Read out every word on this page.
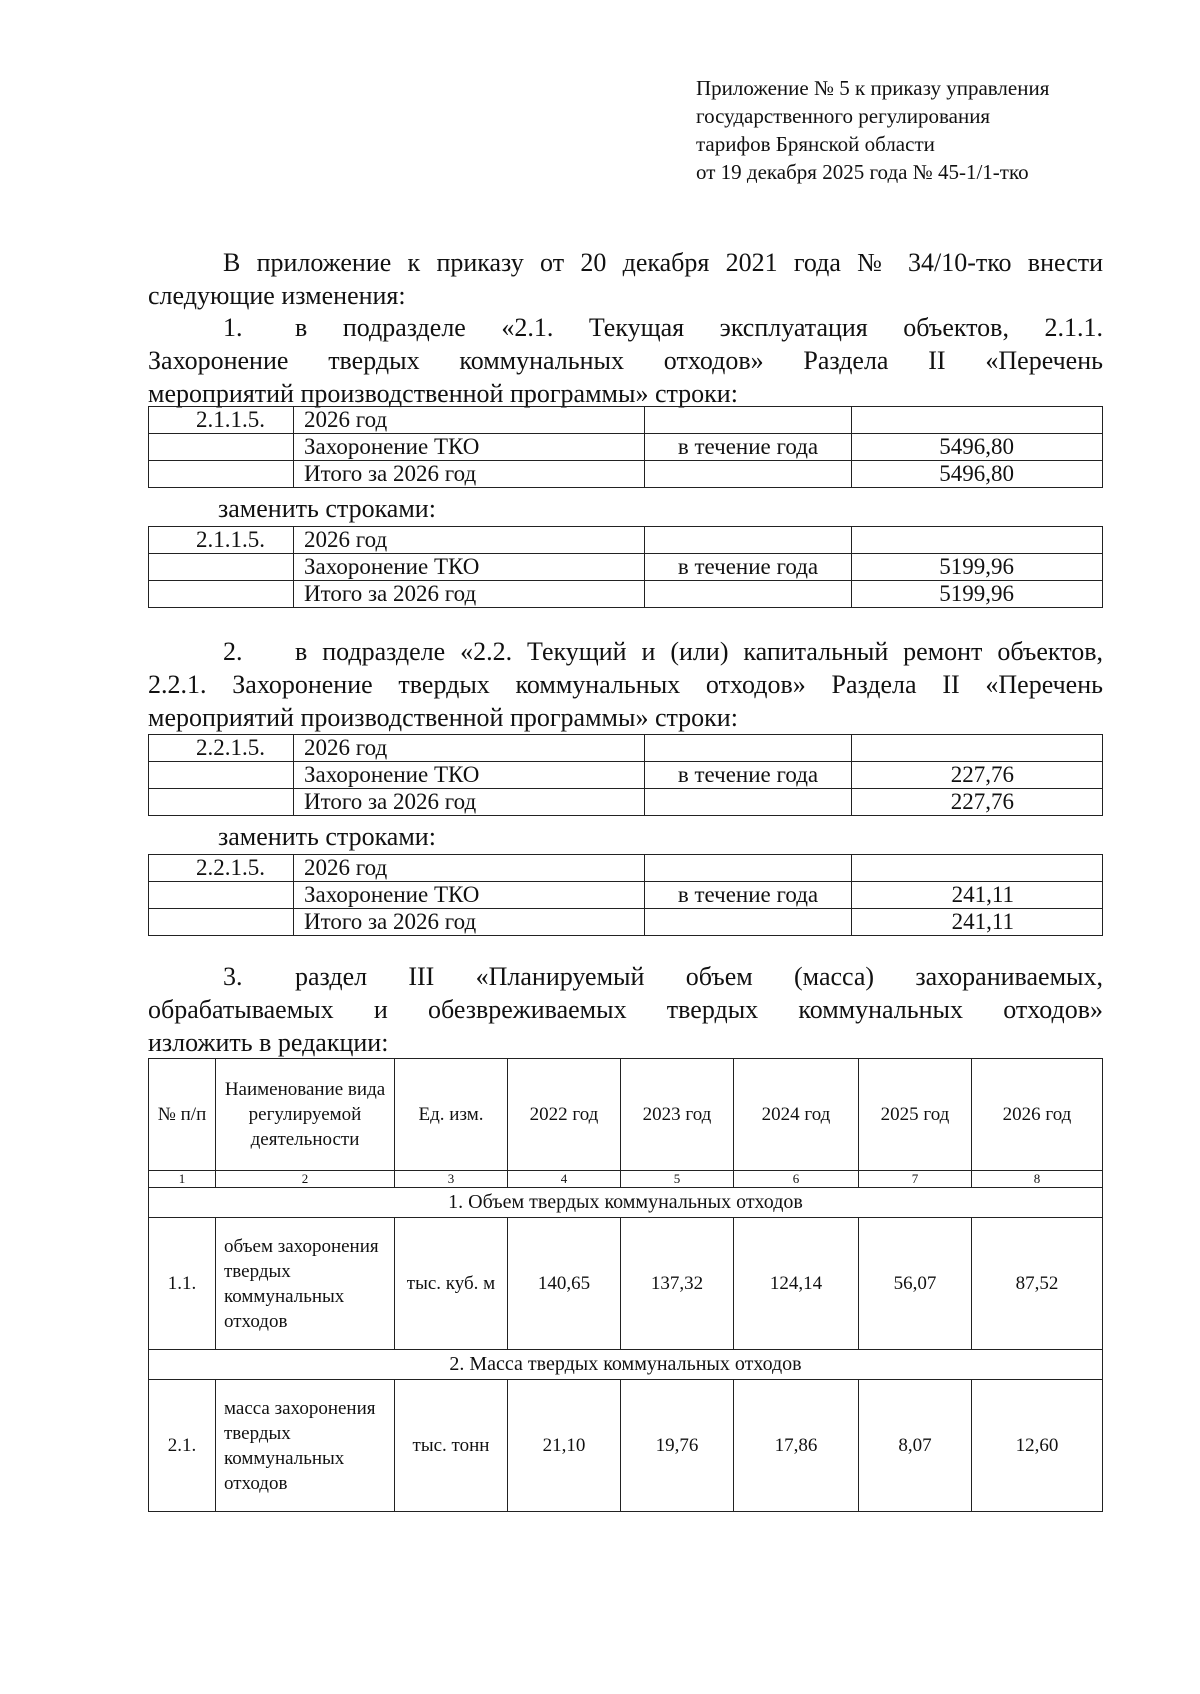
Приложение № 5 к приказу управления
государственного регулирования
тарифов Брянской области
от 19 декабря 2025 года № 45-1/1-тко
В приложение к приказу от 20 декабря 2021 года № 34/10-тко внести
следующие изменения:
1. в подразделе «2.1. Текущая эксплуатация объектов, 2.1.1.
Захоронение твердых коммунальных отходов» Раздела II «Перечень
мероприятий производственной программы» строки:
2.1.1.5.	2026 год		
	Захоронение ТКО	в течение года	5496,80
	Итого за 2026 год		5496,80
заменить строками:
2.1.1.5.	2026 год		
	Захоронение ТКО	в течение года	5199,96
	Итого за 2026 год		5199,96
2. в подразделе «2.2. Текущий и (или) капитальный ремонт объектов,
2.2.1. Захоронение твердых коммунальных отходов» Раздела II «Перечень
мероприятий производственной программы» строки:
2.2.1.5.	2026 год		
	Захоронение ТКО	в течение года	227,76
	Итого за 2026 год		227,76
заменить строками:
2.2.1.5.	2026 год		
	Захоронение ТКО	в течение года	241,11
	Итого за 2026 год		241,11
3. раздел III «Планируемый объем (масса) захораниваемых,
обрабатываемых и обезвреживаемых твердых коммунальных отходов»
изложить в редакции:
№ п/п	Наименование вида регулируемой деятельности	Ед. изм.	2022 год	2023 год	2024 год	2025 год	2026 год
1	2	3	4	5	6	7	8
1. Объем твердых коммунальных отходов							
1.1.	объем захоронения твердых коммунальных отходов	тыс. куб. м	140,65	137,32	124,14	56,07	87,52
2. Масса твердых коммунальных отходов							
2.1.	масса захоронения твердых коммунальных отходов	тыс. тонн	21,10	19,76	17,86	8,07	12,60
